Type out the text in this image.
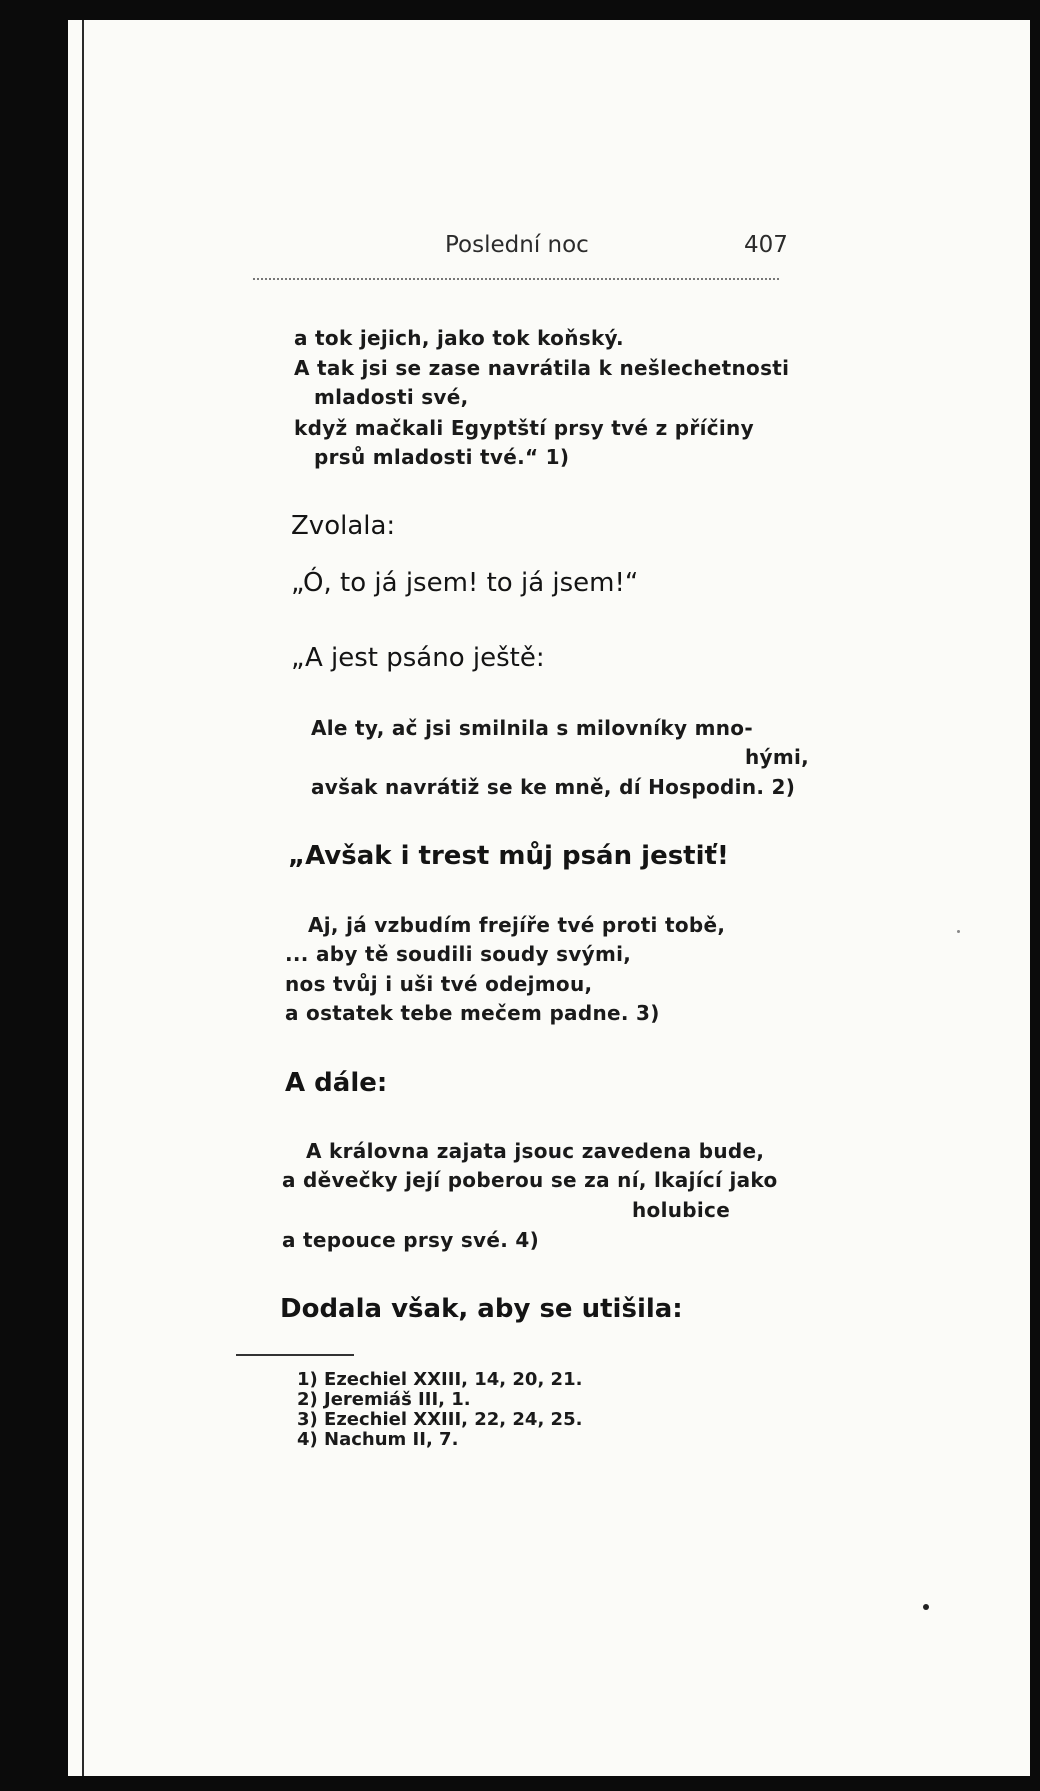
Poslední noc	407
a tok jejich, jako tok koňský.
A tak jsi se zase navrátila k nešlechetnosti
mladosti své,
když mačkali Egyptští prsy tvé z příčiny
prsů mladosti tvé.“ 1)
Zvolala:
„Ó, to já jsem! to já jsem!“
„A jest psáno ještě:
Ale ty, ač jsi smilnila s milovníky mno-
hými,
avšak navrátiž se ke mně, dí Hospodin. 2)
„Avšak i trest můj psán jestiť!
Aj, já vzbudím frejíře tvé proti tobě,
... aby tě soudili soudy svými,
nos tvůj i uši tvé odejmou,
a ostatek tebe mečem padne. 3)
A dále:
A královna zajata jsouc zavedena bude,
a děvečky její poberou se za ní, lkající jako
holubice
a tepouce prsy své. 4)
Dodala však, aby se utišila:
1) Ezechiel XXIII, 14, 20, 21.
2) Jeremiáš III, 1.
3) Ezechiel XXIII, 22, 24, 25.
4) Nachum II, 7.
